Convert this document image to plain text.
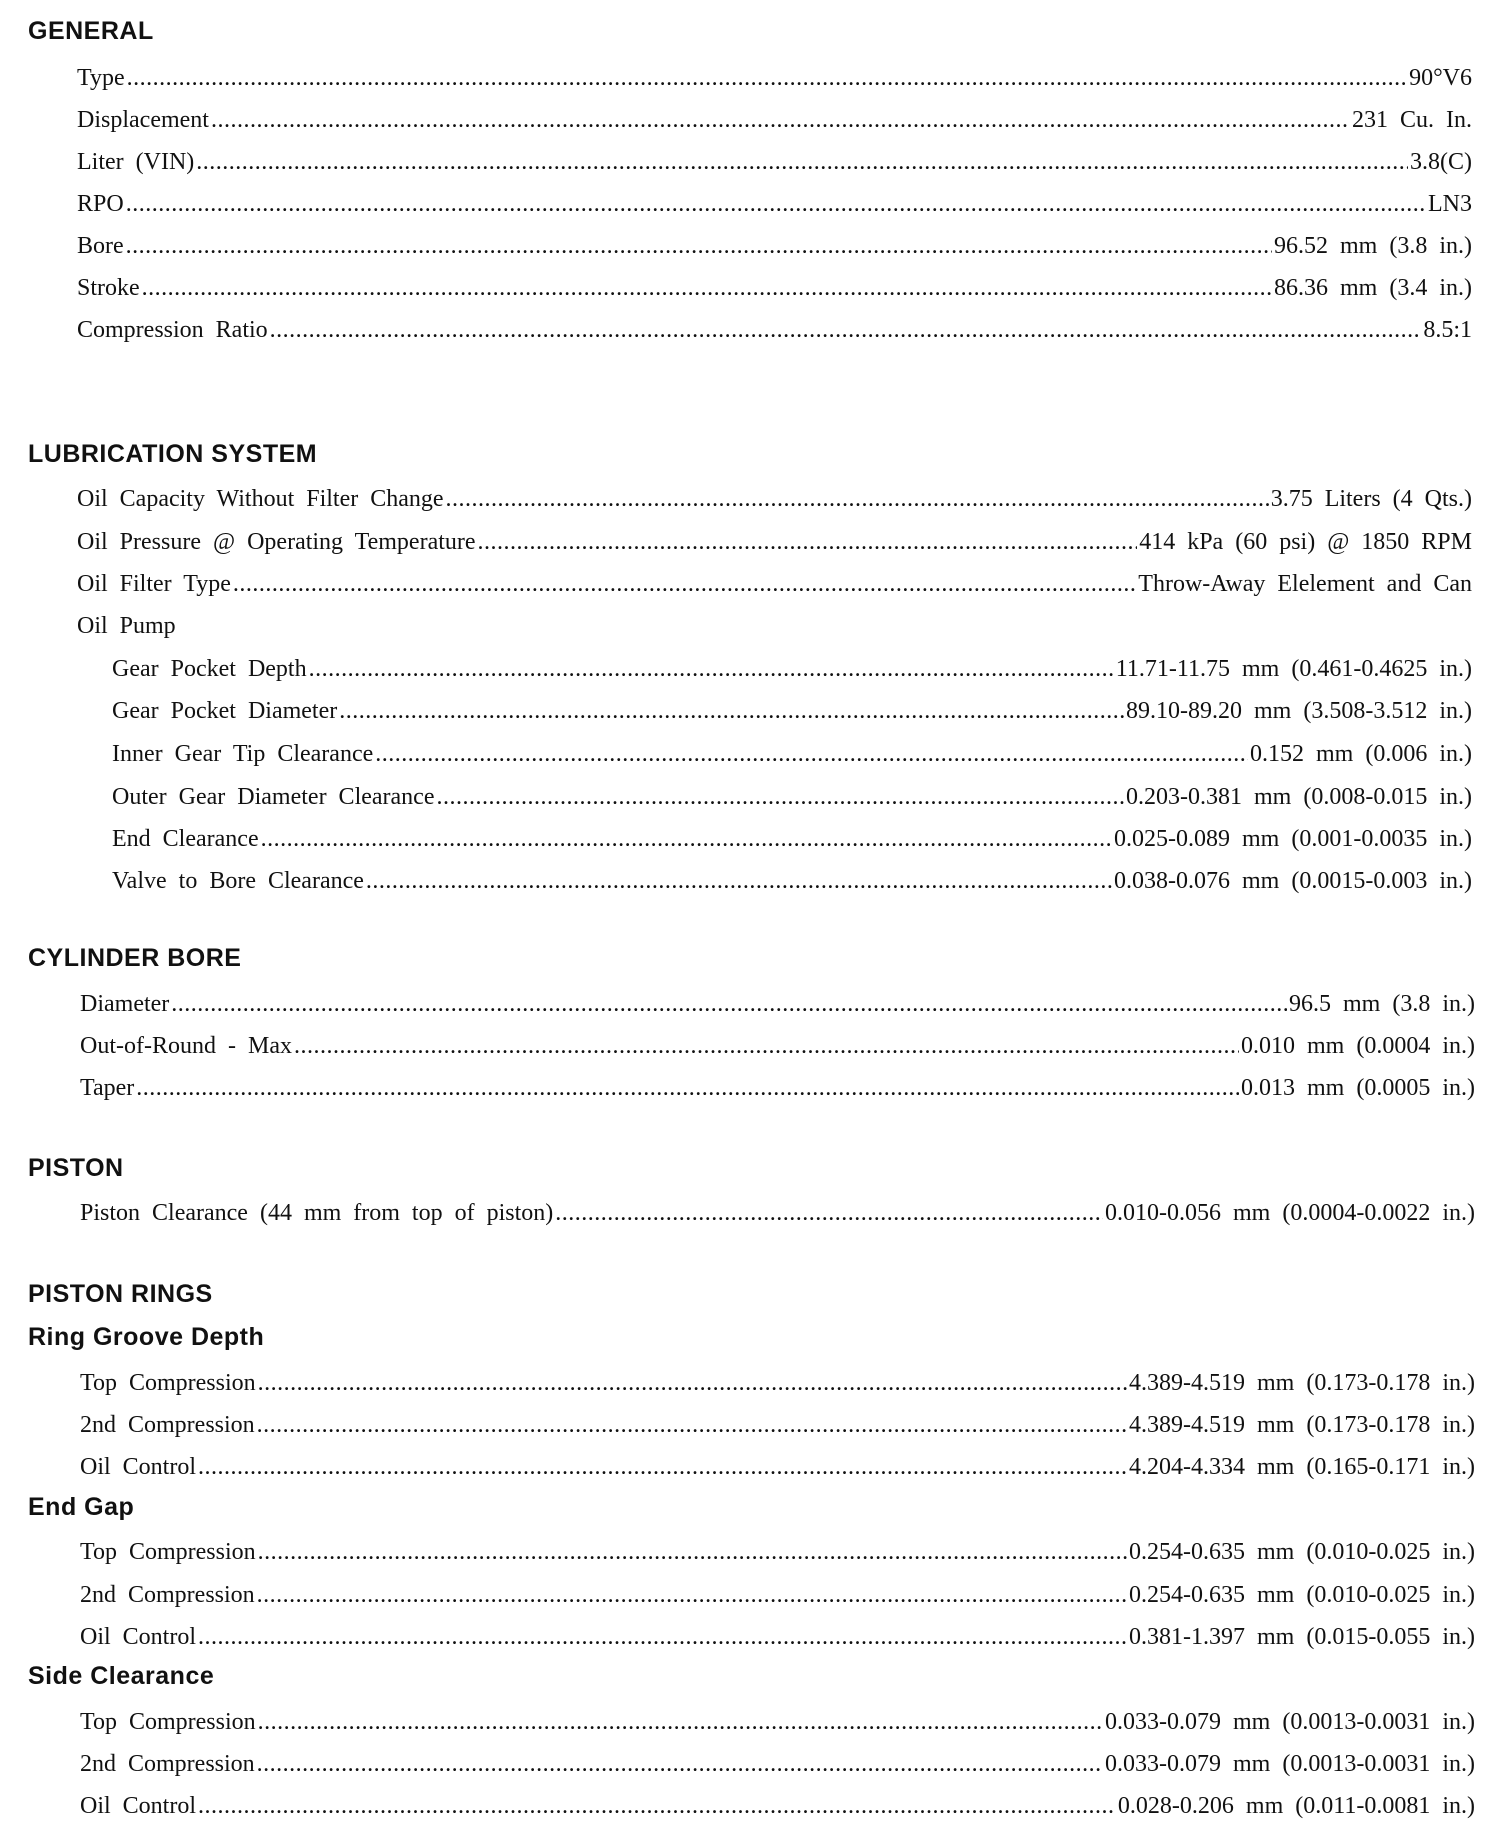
GENERAL
Type .....	90°V6
Displacement .....	231 Cu. In.
Liter (VIN) .....	3.8(C)
RPO .....	LN3
Bore .....	96.52 mm (3.8 in.)
Stroke .....	86.36 mm (3.4 in.)
Compression Ratio .....	8.5:1
LUBRICATION SYSTEM
Oil Capacity Without Filter Change .....	3.75 Liters (4 Qts.)
Oil Pressure @ Operating Temperature .....	414 kPa (60 psi) @ 1850 RPM
Oil Filter Type .....	Throw-Away Elelement and Can
Oil Pump
Gear Pocket Depth .....	11.71-11.75 mm (0.461-0.4625 in.)
Gear Pocket Diameter .....	89.10-89.20 mm (3.508-3.512 in.)
Inner Gear Tip Clearance .....	0.152 mm (0.006 in.)
Outer Gear Diameter Clearance .....	0.203-0.381 mm (0.008-0.015 in.)
End Clearance .....	0.025-0.089 mm (0.001-0.0035 in.)
Valve to Bore Clearance .....	0.038-0.076 mm (0.0015-0.003 in.)
CYLINDER BORE
Diameter .....	96.5 mm (3.8 in.)
Out-of-Round - Max .....	0.010 mm (0.0004 in.)
Taper .....	0.013 mm (0.0005 in.)
PISTON
Piston Clearance (44 mm from top of piston) .....	0.010-0.056 mm (0.0004-0.0022 in.)
PISTON RINGS
Ring Groove Depth
Top Compression .....	4.389-4.519 mm (0.173-0.178 in.)
2nd Compression .....	4.389-4.519 mm (0.173-0.178 in.)
Oil Control .....	4.204-4.334 mm (0.165-0.171 in.)
End Gap
Top Compression .....	0.254-0.635 mm (0.010-0.025 in.)
2nd Compression .....	0.254-0.635 mm (0.010-0.025 in.)
Oil Control .....	0.381-1.397 mm (0.015-0.055 in.)
Side Clearance
Top Compression .....	0.033-0.079 mm (0.0013-0.0031 in.)
2nd Compression .....	0.033-0.079 mm (0.0013-0.0031 in.)
Oil Control .....	0.028-0.206 mm (0.011-0.0081 in.)
